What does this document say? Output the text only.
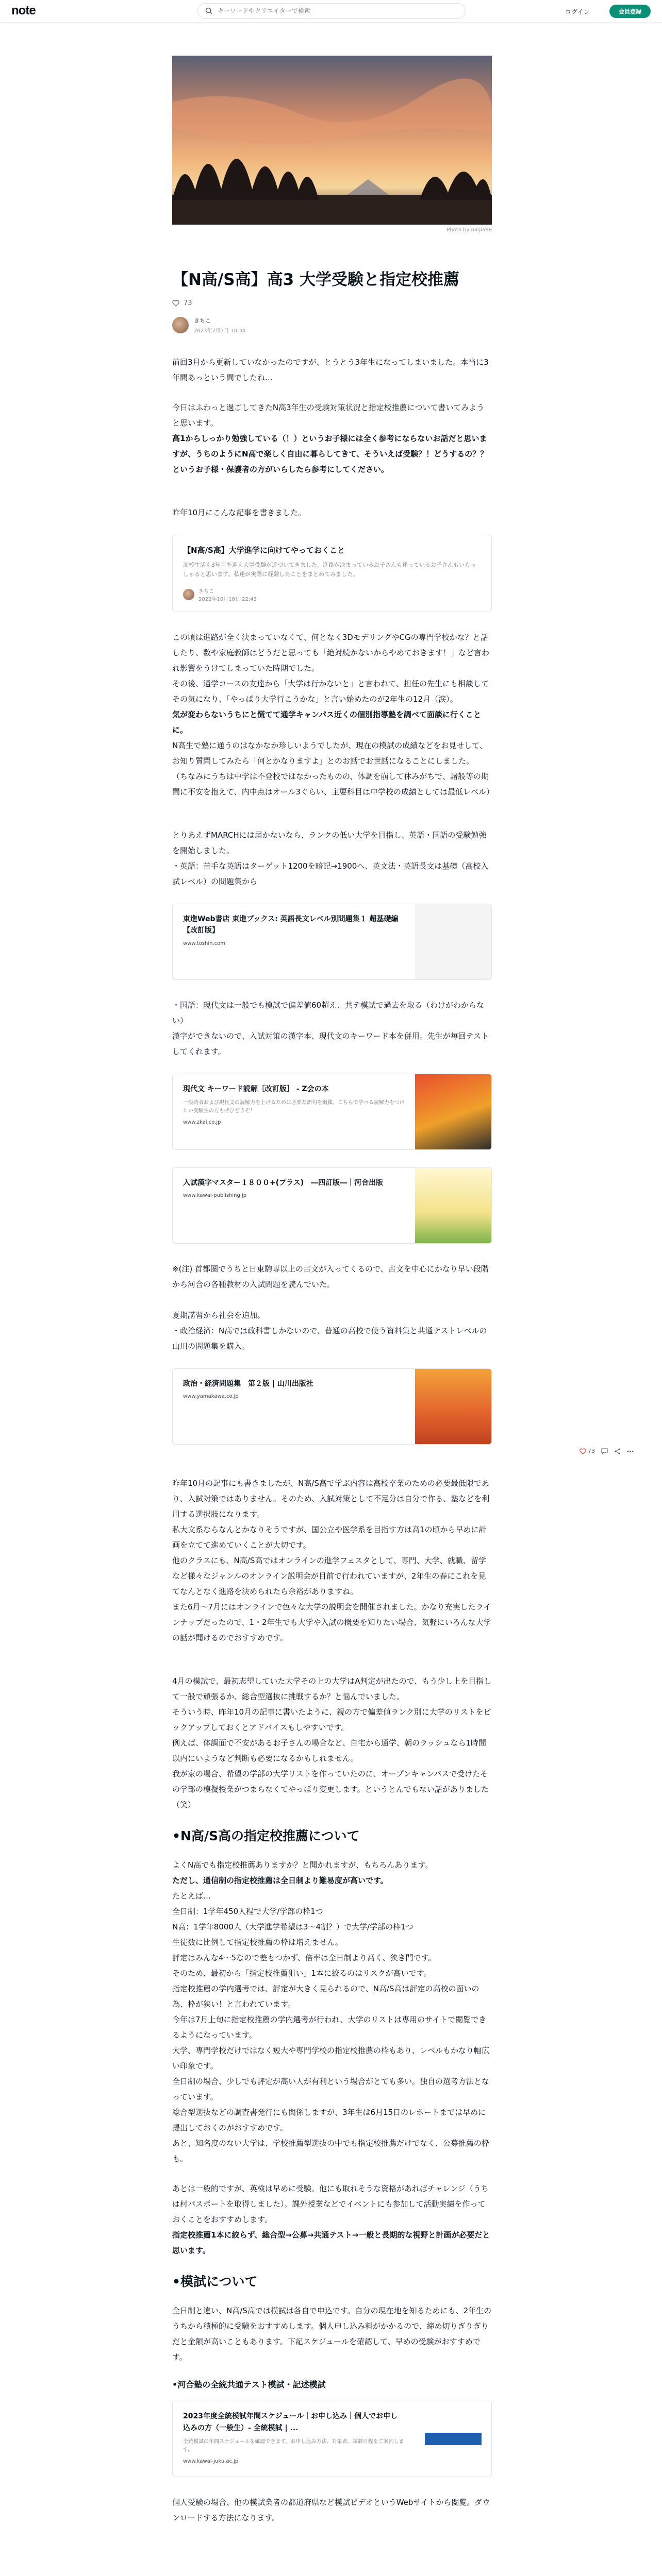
note
キーワードやクリエイターで検索	ログイン	会員登録
Photo by nagia88
【N高/S高】高3 大学受験と指定校推薦
73
きちこ
2023年7月7日 10:34

前回3月から更新していなかったのですが、とうとう3年生になってしまいました。本当に3年間あっという間でしたね…

今日はふわっと過ごしてきたN高3年生の受験対策状況と指定校推薦について書いてみようと思います。
高1からしっかり勉強している（！）というお子様には全く参考にならないお話だと思いますが、うちのようにN高で楽しく自由に暮らしてきて、そういえば受験？！どうするの？？というお子様・保護者の方がいらしたら参考にしてください。

昨年10月にこんな記事を書きました。

【N高/S高】大学進学に向けてやっておくこと
高校生活も3年目を迎え大学受験が近づいてきました。進路が決まっているお子さんも迷っているお子さんもいらっしゃると思います。私達が実際に経験したことをまとめてみました。
きちこ
2022年10月18日 22:43

この頃は進路が全く決まっていなくて、何となく3DモデリングやCGの専門学校かな？と話したり、数や家庭教師はどうだと思っても「絶対続かないからやめておきます！」など言われ影響をうけてしまっていた時期でした。
その後、通学コースの友達から「大学は行かないと」と言われて、担任の先生にも相談してその気になり、「やっぱり大学行こうかな」と言い始めたのが2年生の12月（涙）。
気が変わらないうちにと慌てて通学キャンパス近くの個別指導塾を調べて面談に行くことに。
N高生で塾に通うのはなかなか珍しいようでしたが、現在の模試の成績などをお見せして、お知り質問してみたら「何とかなりますよ」とのお話でお世話になることにしました。
（ちなみにうちは中学は不登校ではなかったものの、体調を崩して休みがちで、諸般等の期間に不安を抱えて、内申点はオール3ぐらい、主要科目は中学校の成績としては最低レベル）

とりあえずMARCHには届かないなら、ランクの低い大学を目指し、英語・国語の受験勉強を開始しました。
・英語：苦手な英語はターゲット1200を暗記→1900へ、英文法・英語長文は基礎（高校入試レベル）の問題集から

東進Web書店 東進ブックス: 英語長文レベル別問題集１ 超基礎編【改訂版】
www.toshin.com

・国語：現代文は一般でも模試で偏差値60超え、共テ模試で過去を取る（わけがわからない）
漢字ができないので、入試対策の漢字本、現代文のキーワード本を併用。先生が毎回テストしてくれます。

現代文 キーワード読解［改訂版］ - Z会の本
一般読者および現代文の読解力を上げるために必要な語句を網羅。こちらで学べる読解力をつけたい受験生の方もぜひどうぞ！
www.zkai.co.jp
入試漢字マスター１８００+(プラス)　―四訂版―｜河合出版
www.kawai-publishing.jp

※(注) 首都圏でうちと日東駒専以上の古文が入ってくるので、古文を中心にかなり早い段階から河合の各種教材の入試問題を読んでいた。

夏期講習から社会を追加。
・政治経済：N高では政科書しかないので、普通の高校で使う資料集と共通テストレベルの山川の問題集を購入。

政治・経済問題集　第２版 | 山川出版社
www.yamakawa.co.jp

昨年10月の記事にも書きましたが、N高/S高で学ぶ内容は高校卒業のための必要最低限であり、入試対策ではありません。そのため、入試対策として不足分は自分で作る、塾などを利用する選択肢になります。
私大文系ならなんとかなりそうですが、国公立や医学系を目指す方は高1の頃から早めに計画を立てて進めていくことが大切です。
他のクラスにも、N高/S高ではオンラインの進学フェスタとして、専門、大学、就職、留学など様々なジャンルのオンライン説明会が目前で行われていますが、2年生の春にこれを見てなんとなく進路を決められたら余裕がありますね。
また6月〜7月にはオンラインで色々な大学の説明会を開催されました。かなり充実したラインナップだったので、1・2年生でも大学や入試の概要を知りたい場合、気軽にいろんな大学の話が聞けるのでおすすめです。

4月の模試で、最初志望していた大学その上の大学はA判定が出たので、もう少し上を目指して一般で頑張るか、総合型選抜に挑戦するか？と悩んでいました。
そういう時、昨年10月の記事に書いたように、親の方で偏差値ランク別に大学のリストをピックアップしておくとアドバイスもしやすいです。
例えば、体調面で不安があるお子さんの場合など、自宅から通学、朝のラッシュなら1時間以内にいようなど判断も必要になるかもしれません。
我が家の場合、希望の学部の大学リストを作っていたのに、オープンキャンパスで受けたその学部の模擬授業がつまらなくてやっぱり変更します。というとんでもない話がありました（笑）

•N高/S高の指定校推薦について

よくN高でも指定校推薦ありますか？と聞かれますが、もちろんあります。
ただし、通信制の指定校推薦は全日制より難易度が高いです。
たとえば…
全日制：1学年450人程で大学/学部の枠1つ
N高：1学年8000人（大学進学希望は3〜4割？）で大学/学部の枠1つ
生徒数に比例して指定校推薦の枠は増えません。
評定はみんな4〜5なので差もつかず、倍率は全日制より高く、狭き門です。
そのため、最初から「指定校推薦狙い」1本に絞るのはリスクが高いです。
指定校推薦の学内選考では、評定が大きく見られるので、N高/S高は評定の高校の面いの為、枠が狭い！と言われています。
今年は7月上旬に指定校推薦の学内選考が行われ、大学のリストは専用のサイトで閲覧できるようになっています。
大学、専門学校だけではなく短大や専門学校の指定校推薦の枠もあり、レベルもかなり幅広い印象です。
全日制の場合、少しでも評定が高い人が有利という場合がとても多い。独自の選考方法となっています。
総合型選抜などの調査書発行にも関係しますが、3年生は6月15日のレポートまでは早めに提出しておくのがおすすめです。
あと、知名度のない大学は、学校推薦型選抜の中でも指定校推薦だけでなく、公募推薦の枠も。

あとは一般的ですが、英検は早めに受験。他にも取れそうな資格があればチャレンジ（うちは村パスポートを取得しました）。課外授業などでイベントにも参加して活動実績を作っておくことをおすすめします。
指定校推薦1本に絞らず、総合型→公募→共通テスト→一般と長期的な視野と計画が必要だと思います。

•模試について

全日制と違い、N高/S高では模試は各自で申込です。自分の現在地を知るためにも、2年生のうちから積極的に受験をおすすめします。個人申し込み料がかかるので、締め切りぎりぎりだと金額が高いこともあります。下記スケジュールを確認して、早めの受験がおすすめです。

•河合塾の全統共通テスト模試・記述模試
2023年度全統模試年間スケジュール｜お申し込み｜個人でお申し込みの方（一般生）- 全統模試 | ...
全統模試の年間スケジュールを確認できます。お申し込み方法、対象者、試験日程をご案内します。
www.kawai-juku.ac.jp

個人受験の場合、他の模試業者の都道府県など模試ビデオというWebサイトから閲覧。ダウンロードする方法になります。

73
